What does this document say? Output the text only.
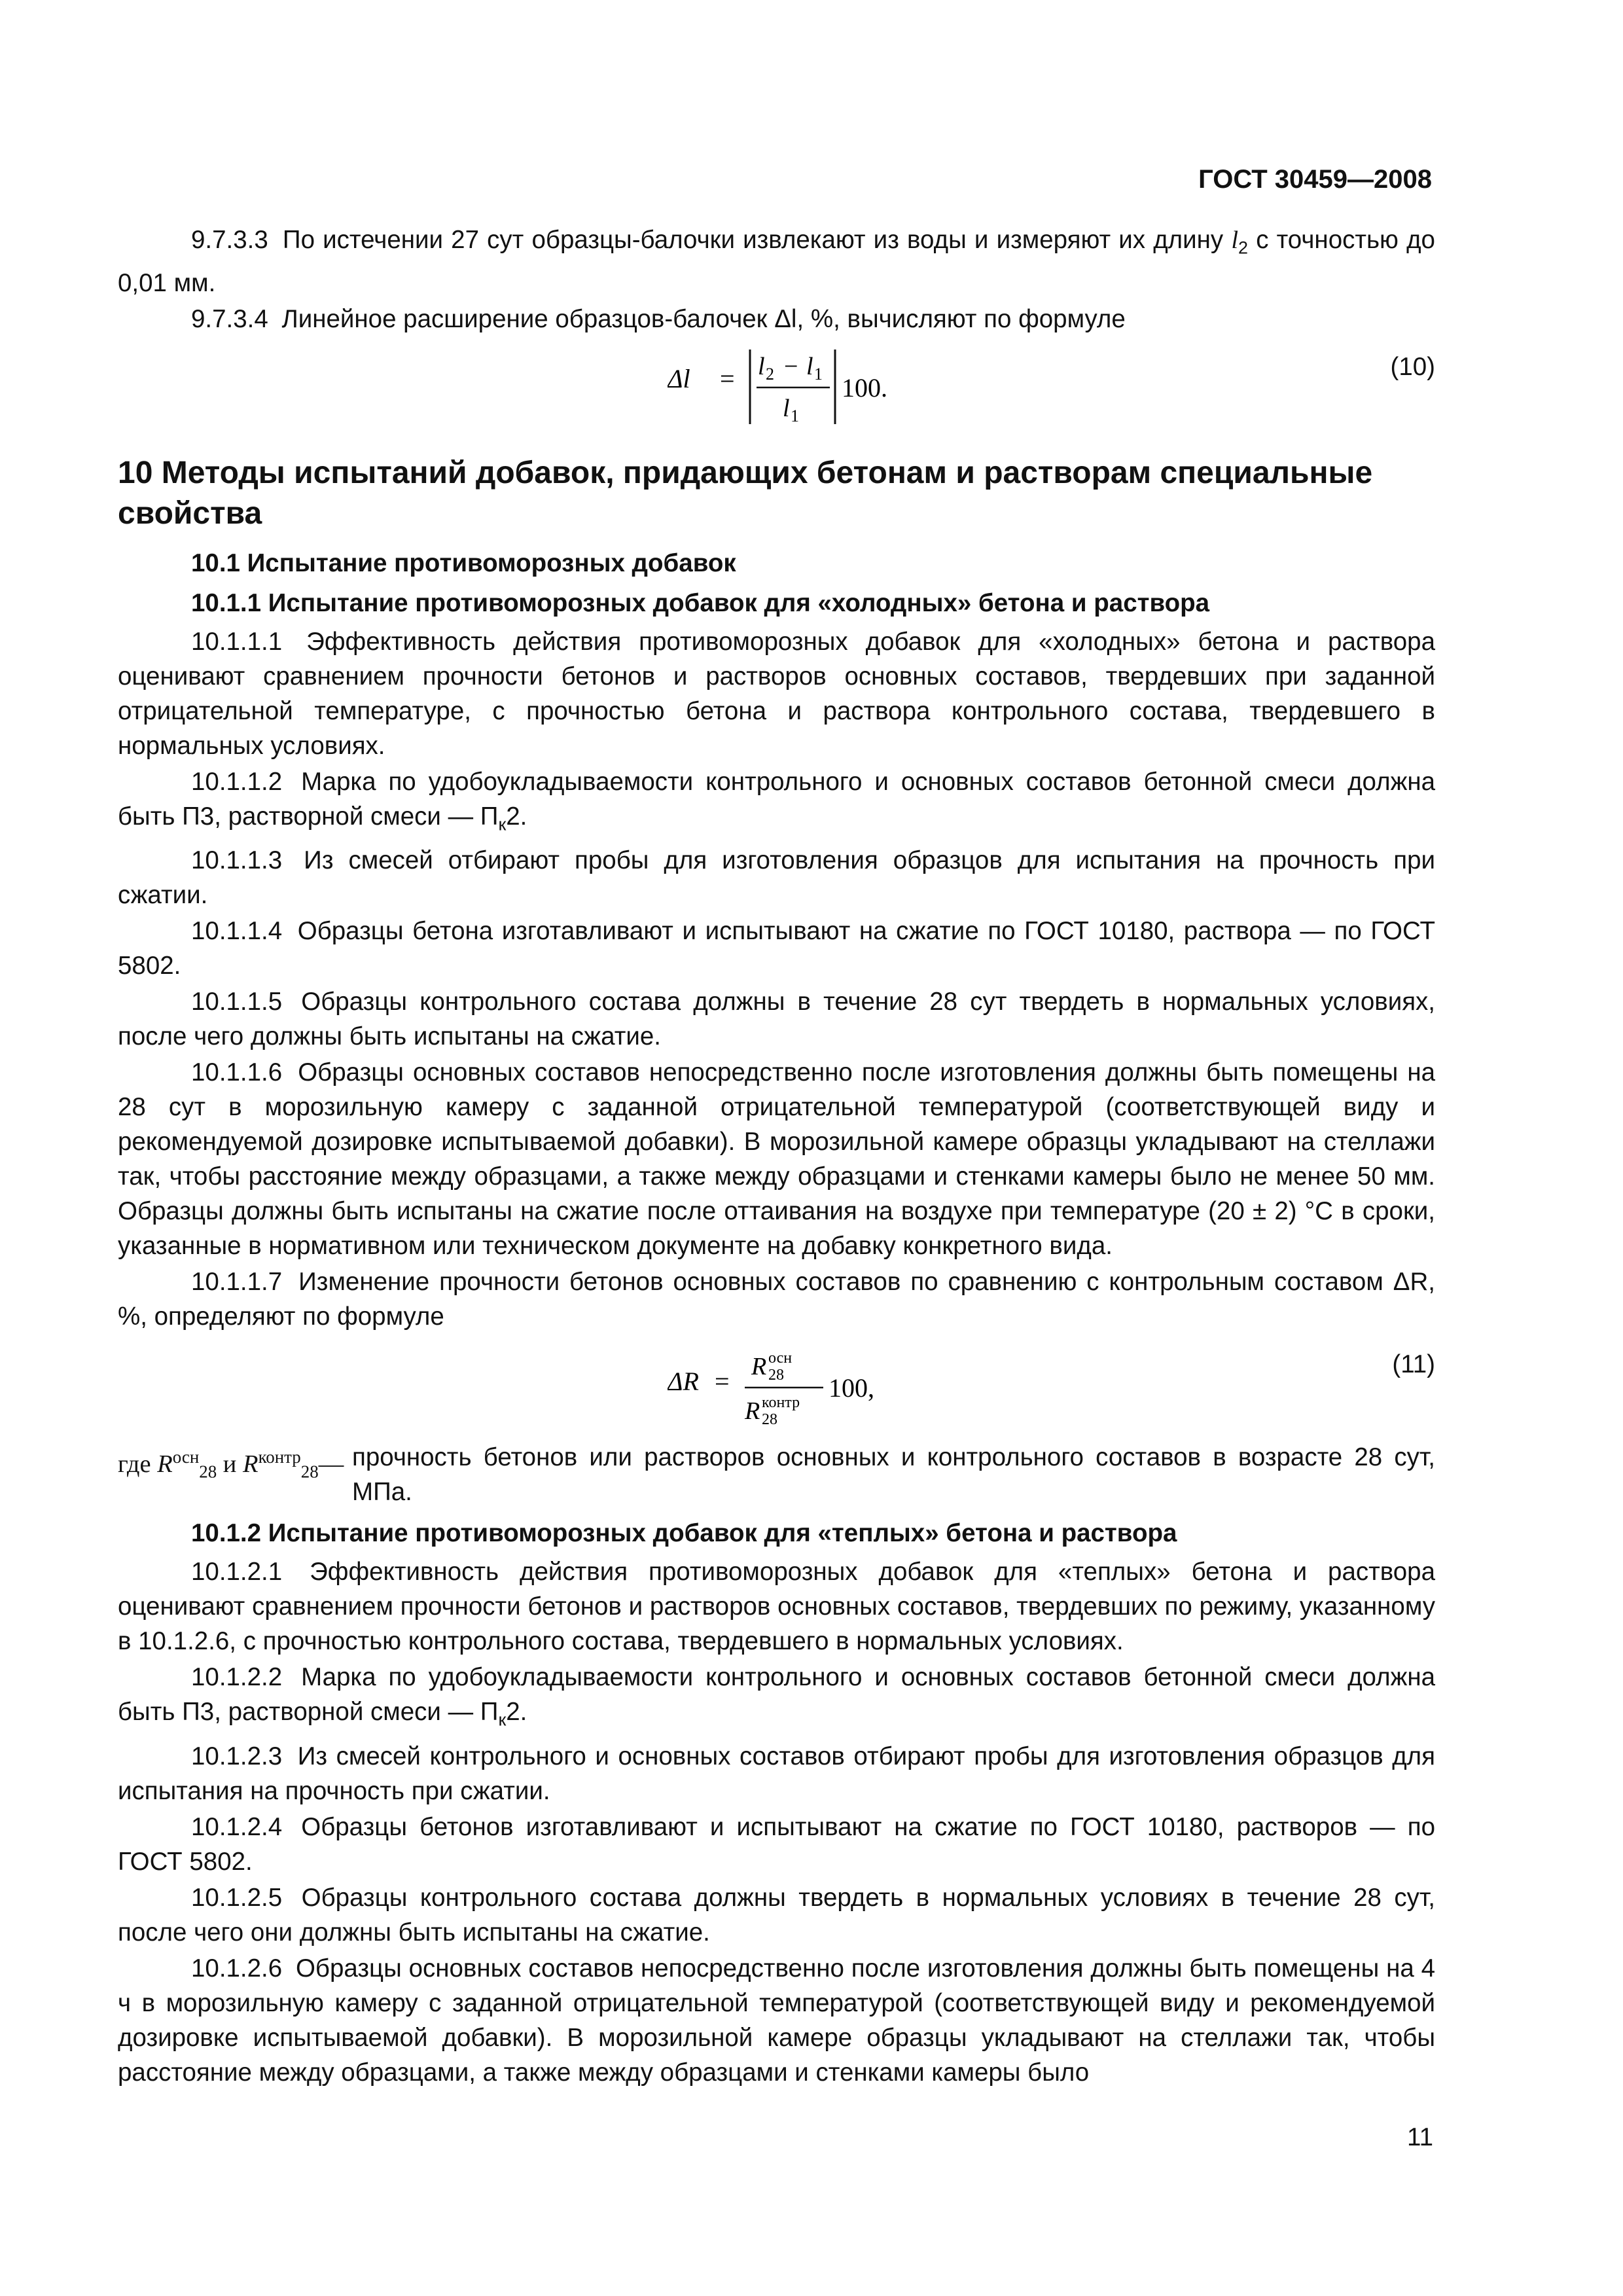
ГОСТ 30459—2008

9.7.3.3 По истечении 27 сут образцы-балочки извлекают из воды и измеряют их длину $l_2$ с точностью до 0,01 мм.

9.7.3.4 Линейное расширение образцов-балочек Δl, %, вычисляют по формуле

Δl = l 2 − l 1
l 1
100.
(10)
10 Методы испытаний добавок, придающих бетонам и растворам специальные свойства
10.1 Испытание противоморозных добавок
10.1.1 Испытание противоморозных добавок для «холодных» бетона и раствора

10.1.1.1 Эффективность действия противоморозных добавок для «холодных» бетона и раствора оценивают сравнением прочности бетонов и растворов основных составов, твердевших при заданной отрицательной температуре, с прочностью бетона и раствора контрольного состава, твердевшего в нормальных условиях.

10.1.1.2 Марка по удобоукладываемости контрольного и основных составов бетонной смеси должна быть П3, растворной смеси — $П_к2$.

10.1.1.3 Из смесей отбирают пробы для изготовления образцов для испытания на прочность при сжатии.

10.1.1.4 Образцы бетона изготавливают и испытывают на сжатие по ГОСТ 10180, раствора — по ГОСТ 5802.

10.1.1.5 Образцы контрольного состава должны в течение 28 сут твердеть в нормальных условиях, после чего должны быть испытаны на сжатие.

10.1.1.6 Образцы основных составов непосредственно после изготовления должны быть помещены на 28 сут в морозильную камеру с заданной отрицательной температурой (соответствующей виду и рекомендуемой дозировке испытываемой добавки). В морозильной камере образцы укладывают на стеллажи так, чтобы расстояние между образцами, а также между образцами и стенками камеры было не менее 50 мм. Образцы должны быть испытаны на сжатие после оттаивания на воздухе при температуре (20 ± 2) °С в сроки, указанные в нормативном или техническом документе на добавку конкретного вида.

10.1.1.7 Изменение прочности бетонов основных составов по сравнению с контрольным составом ΔR, %, определяют по формуле

ΔR = R осн
28
R контр
28
100,
(11)
где $R^{осн}_{28}$ и $R^{контр}_{28}—$ прочность бетонов или растворов основных и контрольного составов в возрасте 28 сут, МПа.
10.1.2 Испытание противоморозных добавок для «теплых» бетона и раствора

10.1.2.1 Эффективность действия противоморозных добавок для «теплых» бетона и раствора оценивают сравнением прочности бетонов и растворов основных составов, твердевших по режиму, указанному в 10.1.2.6, с прочностью контрольного состава, твердевшего в нормальных условиях.

10.1.2.2 Марка по удобоукладываемости контрольного и основных составов бетонной смеси должна быть П3, растворной смеси — $П_к2$.

10.1.2.3 Из смесей контрольного и основных составов отбирают пробы для изготовления образцов для испытания на прочность при сжатии.

10.1.2.4 Образцы бетонов изготавливают и испытывают на сжатие по ГОСТ 10180, растворов — по ГОСТ 5802.

10.1.2.5 Образцы контрольного состава должны твердеть в нормальных условиях в течение 28 сут, после чего они должны быть испытаны на сжатие.

10.1.2.6 Образцы основных составов непосредственно после изготовления должны быть помещены на 4 ч в морозильную камеру с заданной отрицательной температурой (соответствующей виду и рекомендуемой дозировке испытываемой добавки). В морозильной камере образцы укладывают на стеллажи так, чтобы расстояние между образцами, а также между образцами и стенками камеры было

11
